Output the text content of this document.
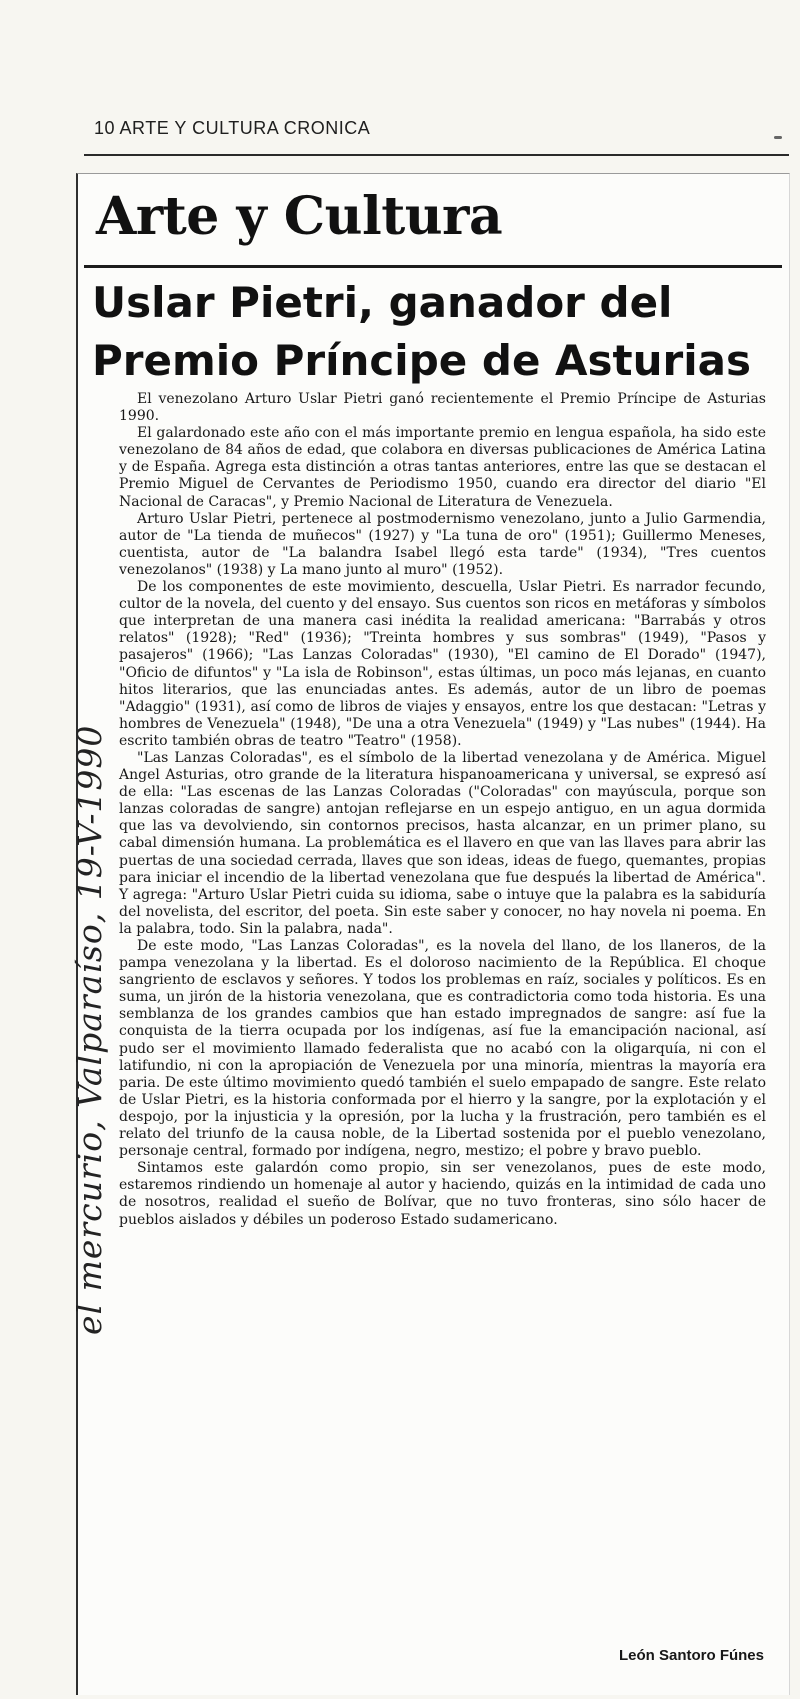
10 ARTE Y CULTURA CRONICA
Arte y Cultura
Uslar Pietri, ganador del
Premio Príncipe de Asturias

El venezolano Arturo Uslar Pietri ganó recientemente el Premio Príncipe de Asturias 1990.

El galardonado este año con el más importante premio en lengua española, ha sido este venezolano de 84 años de edad, que colabora en diversas publicaciones de América Latina y de España. Agrega esta distinción a otras tantas anteriores, entre las que se destacan el Premio Miguel de Cervantes de Periodismo 1950, cuando era director del diario "El Nacional de Caracas", y Premio Nacional de Literatura de Venezuela.

Arturo Uslar Pietri, pertenece al postmodernismo venezolano, junto a Julio Garmendia, autor de "La tienda de muñecos" (1927) y "La tuna de oro" (1951); Guillermo Meneses, cuentista, autor de "La balandra Isabel llegó esta tarde" (1934), "Tres cuentos venezolanos" (1938) y La mano junto al muro" (1952).

De los componentes de este movimiento, descuella, Uslar Pietri. Es narrador fecundo, cultor de la novela, del cuento y del ensayo. Sus cuentos son ricos en metáforas y símbolos que interpretan de una manera casi inédita la realidad americana: "Barrabás y otros relatos" (1928); "Red" (1936); "Treinta hombres y sus sombras" (1949), "Pasos y pasajeros" (1966); "Las Lanzas Coloradas" (1930), "El camino de El Dorado" (1947), "Oficio de difuntos" y "La isla de Robinson", estas últimas, un poco más lejanas, en cuanto hitos literarios, que las enunciadas antes. Es además, autor de un libro de poemas "Adaggio" (1931), así como de libros de viajes y ensayos, entre los que destacan: "Letras y hombres de Venezuela" (1948), "De una a otra Venezuela" (1949) y "Las nubes" (1944). Ha escrito también obras de teatro "Teatro" (1958).

"Las Lanzas Coloradas", es el símbolo de la libertad venezolana y de América. Miguel Angel Asturias, otro grande de la literatura hispanoamericana y universal, se expresó así de ella: "Las escenas de las Lanzas Coloradas ("Coloradas" con mayúscula, porque son lanzas coloradas de sangre) antojan reflejarse en un espejo antiguo, en un agua dormida que las va devolviendo, sin contornos precisos, hasta alcanzar, en un primer plano, su cabal dimensión humana. La problemática es el llavero en que van las llaves para abrir las puertas de una sociedad cerrada, llaves que son ideas, ideas de fuego, quemantes, propias para iniciar el incendio de la libertad venezolana que fue después la libertad de América". Y agrega: "Arturo Uslar Pietri cuida su idioma, sabe o intuye que la palabra es la sabiduría del novelista, del escritor, del poeta. Sin este saber y conocer, no hay novela ni poema. En la palabra, todo. Sin la palabra, nada".

De este modo, "Las Lanzas Coloradas", es la novela del llano, de los llaneros, de la pampa venezolana y la libertad. Es el doloroso nacimiento de la República. El choque sangriento de esclavos y señores. Y todos los problemas en raíz, sociales y políticos. Es en suma, un jirón de la historia venezolana, que es contradictoria como toda historia. Es una semblanza de los grandes cambios que han estado impregnados de sangre: así fue la conquista de la tierra ocupada por los indígenas, así fue la emancipación nacional, así pudo ser el movimiento llamado federalista que no acabó con la oligarquía, ni con el latifundio, ni con la apropiación de Venezuela por una minoría, mientras la mayoría era paria. De este último movimiento quedó también el suelo empapado de sangre. Este relato de Uslar Pietri, es la historia conformada por el hierro y la sangre, por la explotación y el despojo, por la injusticia y la opresión, por la lucha y la frustración, pero también es el relato del triunfo de la causa noble, de la Libertad sostenida por el pueblo venezolano, personaje central, formado por indígena, negro, mestizo; el pobre y bravo pueblo.

Sintamos este galardón como propio, sin ser venezolanos, pues de este modo, estaremos rindiendo un homenaje al autor y haciendo, quizás en la intimidad de cada uno de nosotros, realidad el sueño de Bolívar, que no tuvo fronteras, sino sólo hacer de pueblos aislados y débiles un poderoso Estado sudamericano.

León Santoro Fúnes
el mercurio, Valparaíso, 19-V-1990
